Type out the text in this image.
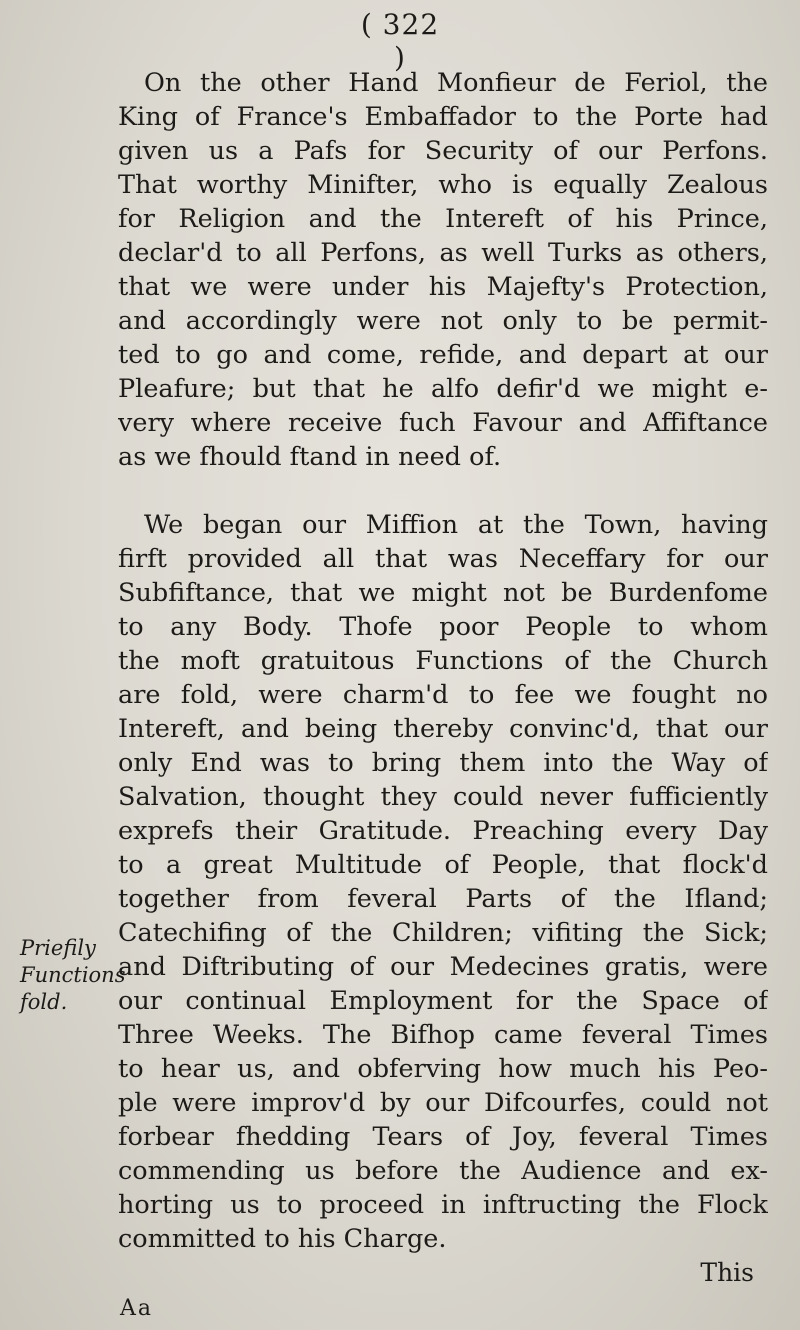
( 322 )
On the other Hand Monfieur de Feriol, the
King of France's Embaffador to the Porte had
given us a Pafs for Security of our Perfons.
That worthy Minifter, who is equally Zealous
for Religion and the Intereft of his Prince,
declar'd to all Perfons, as well Turks as others,
that we were under his Majefty's Protection,
and accordingly were not only to be permit-
ted to go and come, refide, and depart at our
Pleafure; but that he alfo defir'd we might e-
very where receive fuch Favour and Affiftance
as we fhould ftand in need of.
We began our Miffion at the Town, having
firft provided all that was Neceffary for our
Subfiftance, that we might not be Burdenfome
to any Body. Thofe poor People to whom
the moft gratuitous Functions of the Church
are fold, were charm'd to fee we fought no
Intereft, and being thereby convinc'd, that our
only End was to bring them into the Way of
Salvation, thought they could never fufficiently
exprefs their Gratitude. Preaching every Day
to a great Multitude of People, that flock'd
together from feveral Parts of the Ifland;
Catechifing of the Children; vifiting the Sick;
and Diftributing of our Medecines gratis, were
our continual Employment for the Space of
Three Weeks. The Bifhop came feveral Times
to hear us, and obferving how much his Peo-
ple were improv'd by our Difcourfes, could not
forbear fhedding Tears of Joy, feveral Times
commending us before the Audience and ex-
horting us to proceed in inftructing the Flock
committed to his Charge.
Priefily
Functions
fold.
This
Aa
